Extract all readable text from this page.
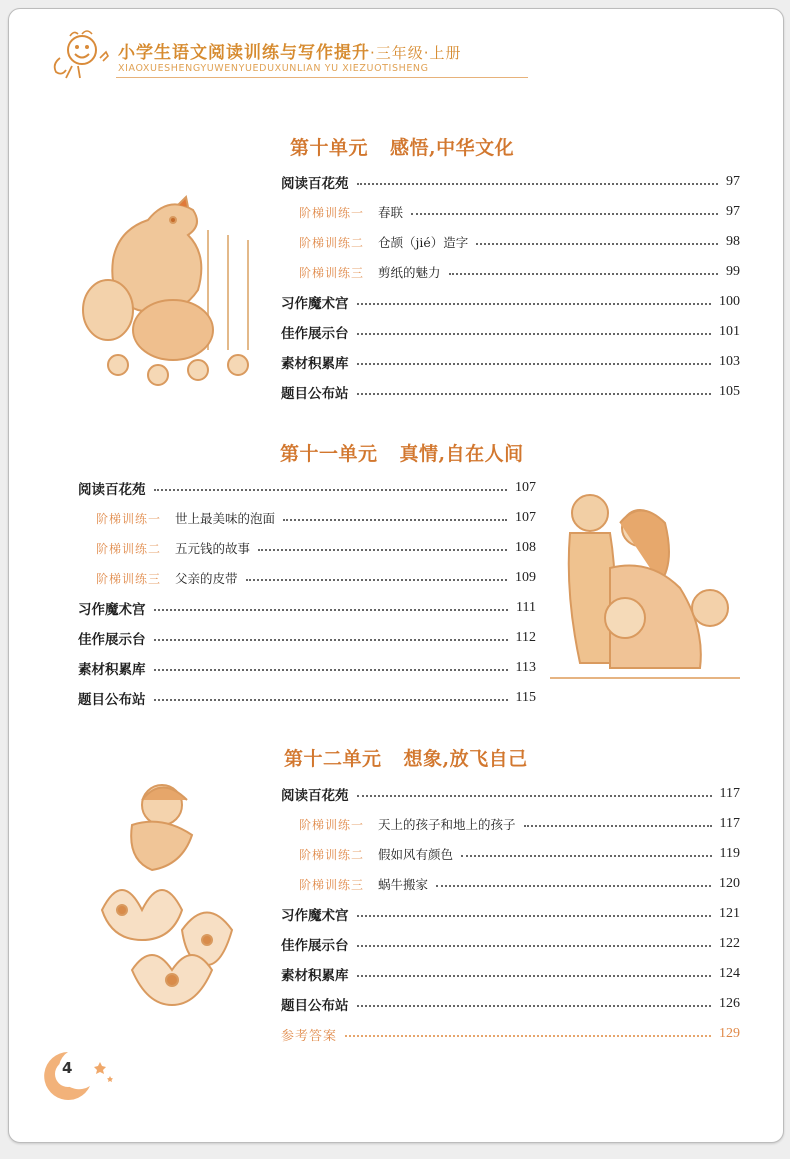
小学生语文阅读训练与写作提升·三年级·上册
XIAOXUESHENGYUWENYUEDUXUNLIAN YU XIEZUOTISHENG
第十单元 感悟,中华文化
第十一单元 真情,自在人间
第十二单元 想象,放飞自己
阅读百花苑	97
阶梯训练一 春联	97
阶梯训练二 仓颉（jié）造字	98
阶梯训练三 剪纸的魅力	99
习作魔术宫	100
佳作展示台	101
素材积累库	103
题目公布站	105
阅读百花苑	107
阶梯训练一 世上最美味的泡面	107
阶梯训练二 五元钱的故事	108
阶梯训练三 父亲的皮带	109
习作魔术宫	111
佳作展示台	112
素材积累库	113
题目公布站	115
阅读百花苑	117
阶梯训练一 天上的孩子和地上的孩子	117
阶梯训练二 假如风有颜色	119
阶梯训练三 蜗牛搬家	120
习作魔术宫	121
佳作展示台	122
素材积累库	124
题目公布站	126
参考答案	129
4
